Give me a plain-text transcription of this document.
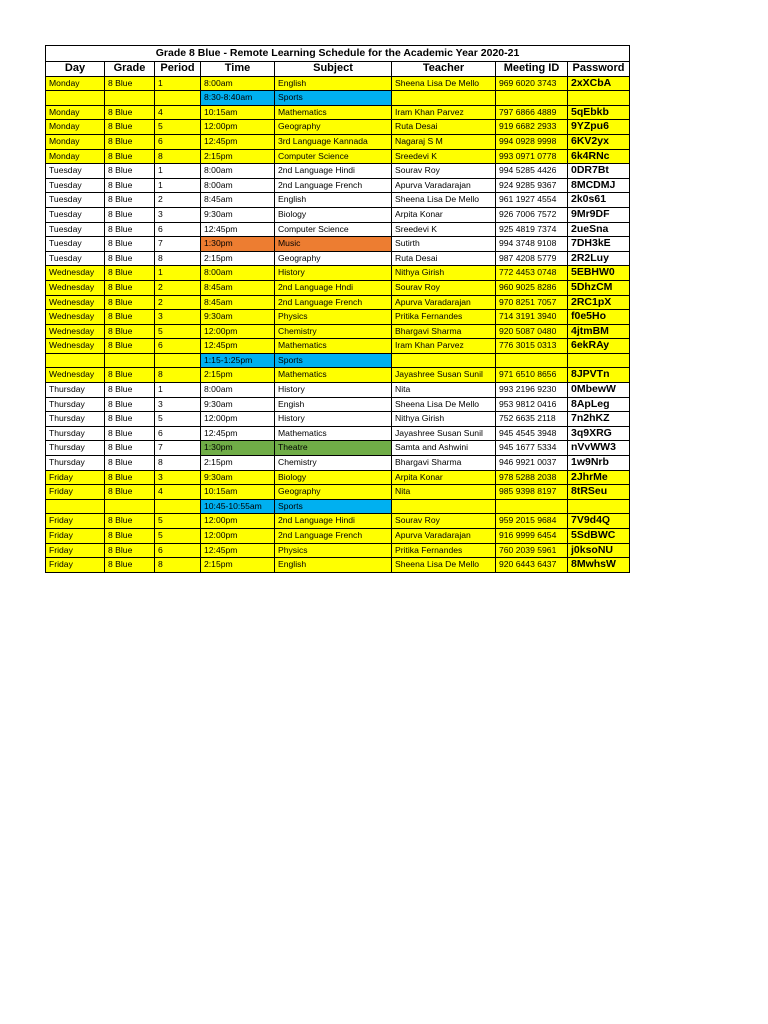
Grade 8 Blue - Remote Learning Schedule for the Academic Year 2020-21							
Day	Grade	Period	Time	Subject	Teacher	Meeting ID	Password
Monday	8 Blue	1	8:00am	English	Sheena Lisa De Mello	969 6020 3743	2xXCbA
			8:30-8:40am	Sports			
Monday	8 Blue	4	10:15am	Mathematics	Iram Khan Parvez	797 6866 4889	5qEbkb
Monday	8 Blue	5	12:00pm	Geography	Ruta Desai	919 6682 2933	9YZpu6
Monday	8 Blue	6	12:45pm	3rd Language Kannada	Nagaraj S M	994 0928 9998	6KV2yx
Monday	8 Blue	8	2:15pm	Computer Science	Sreedevi K	993 0971 0778	6k4RNc
Tuesday	8 Blue	1	8:00am	2nd Language Hindi	Sourav Roy	994 5285 4426	0DR7Bt
Tuesday	8 Blue	1	8:00am	2nd Language French	Apurva Varadarajan	924 9285 9367	8MCDMJ
Tuesday	8 Blue	2	8:45am	English	Sheena Lisa De Mello	961 1927 4554	2k0s61
Tuesday	8 Blue	3	9:30am	Biology	Arpita Konar	926 7006 7572	9Mr9DF
Tuesday	8 Blue	6	12:45pm	Computer Science	Sreedevi K	925 4819 7374	2ueSna
Tuesday	8 Blue	7	1:30pm	Music	Sutirth	994 3748 9108	7DH3kE
Tuesday	8 Blue	8	2:15pm	Geography	Ruta Desai	987 4208 5779	2R2Luy
Wednesday	8 Blue	1	8:00am	History	Nithya Girish	772 4453 0748	5EBHW0
Wednesday	8 Blue	2	8:45am	2nd Language Hndi	Sourav Roy	960 9025 8286	5DhzCM
Wednesday	8 Blue	2	8:45am	2nd Language French	Apurva Varadarajan	970 8251 7057	2RC1pX
Wednesday	8 Blue	3	9:30am	Physics	Pritika Fernandes	714 3191 3940	f0e5Ho
Wednesday	8 Blue	5	12:00pm	Chemistry	Bhargavi Sharma	920 5087 0480	4jtmBM
Wednesday	8 Blue	6	12:45pm	Mathematics	Iram Khan Parvez	776 3015 0313	6ekRAy
			1:15-1:25pm	Sports			
Wednesday	8 Blue	8	2:15pm	Mathematics	Jayashree Susan Sunil	971 6510 8656	8JPVTn
Thursday	8 Blue	1	8:00am	History	Nita	993 2196 9230	0MbewW
Thursday	8 Blue	3	9:30am	Engish	Sheena Lisa De Mello	953 9812 0416	8ApLeg
Thursday	8 Blue	5	12:00pm	History	Nithya Girish	752 6635 2118	7n2hKZ
Thursday	8 Blue	6	12:45pm	Mathematics	Jayashree Susan Sunil	945 4545 3948	3q9XRG
Thursday	8 Blue	7	1:30pm	Theatre	Samta and Ashwini	945 1677 5334	nVvWW3
Thursday	8 Blue	8	2:15pm	Chemistry	Bhargavi Sharma	946 9921 0037	1w9Nrb
Friday	8 Blue	3	9:30am	Biology	Arpita Konar	978 5288 2038	2JhrMe
Friday	8 Blue	4	10:15am	Geography	Nita	985 9398 8197	8tRSeu
			10:45-10:55am	Sports			
Friday	8 Blue	5	12:00pm	2nd Language Hindi	Sourav Roy	959 2015 9684	7V9d4Q
Friday	8 Blue	5	12:00pm	2nd Language French	Apurva Varadarajan	916 9999 6454	5SdBWC
Friday	8 Blue	6	12:45pm	Physics	Pritika Fernandes	760 2039 5961	j0ksoNU
Friday	8 Blue	8	2:15pm	English	Sheena Lisa De Mello	920 6443 6437	8MwhsW
